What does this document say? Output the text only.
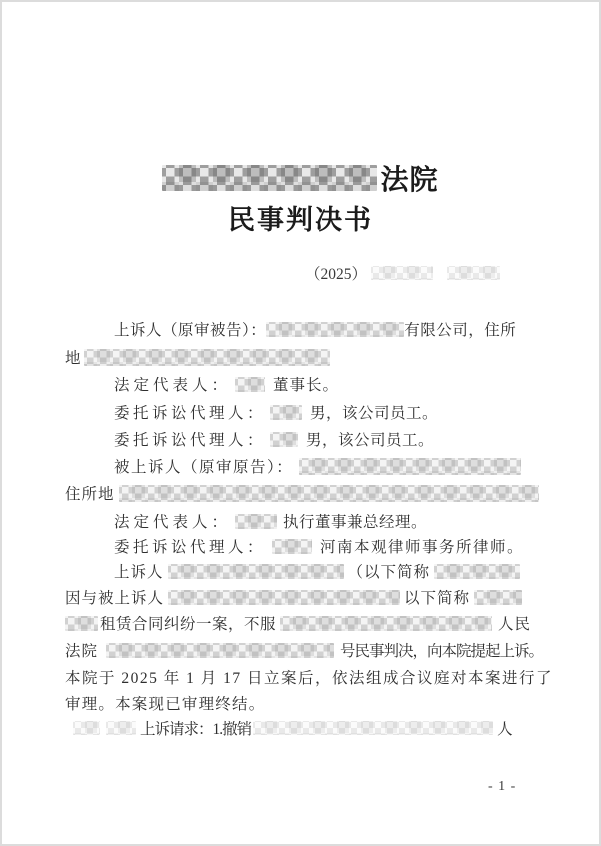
法院
民事判决书
（2025）
上诉人（原审被告）：	有限公司，住所
地
法定代表人：	董事长。
委托诉讼代理人：	男，该公司员工。
委托诉讼代理人：	男，该公司员工。
被上诉人（原审原告）：
住所地
法定代表人：	执行董事兼总经理。
委托诉讼代理人：	河南本观律师事务所律师。
上诉人	（以下简称
因与被上诉人	以下简称
租赁合同纠纷一案，不服	人民
法院	号民事判决，向本院提起上诉。
本院于 2025 年 1 月 17 日立案后，依法组成合议庭对本案进行了
审理。本案现已审理终结。
上诉请求：1.撤销	人
- 1 -
